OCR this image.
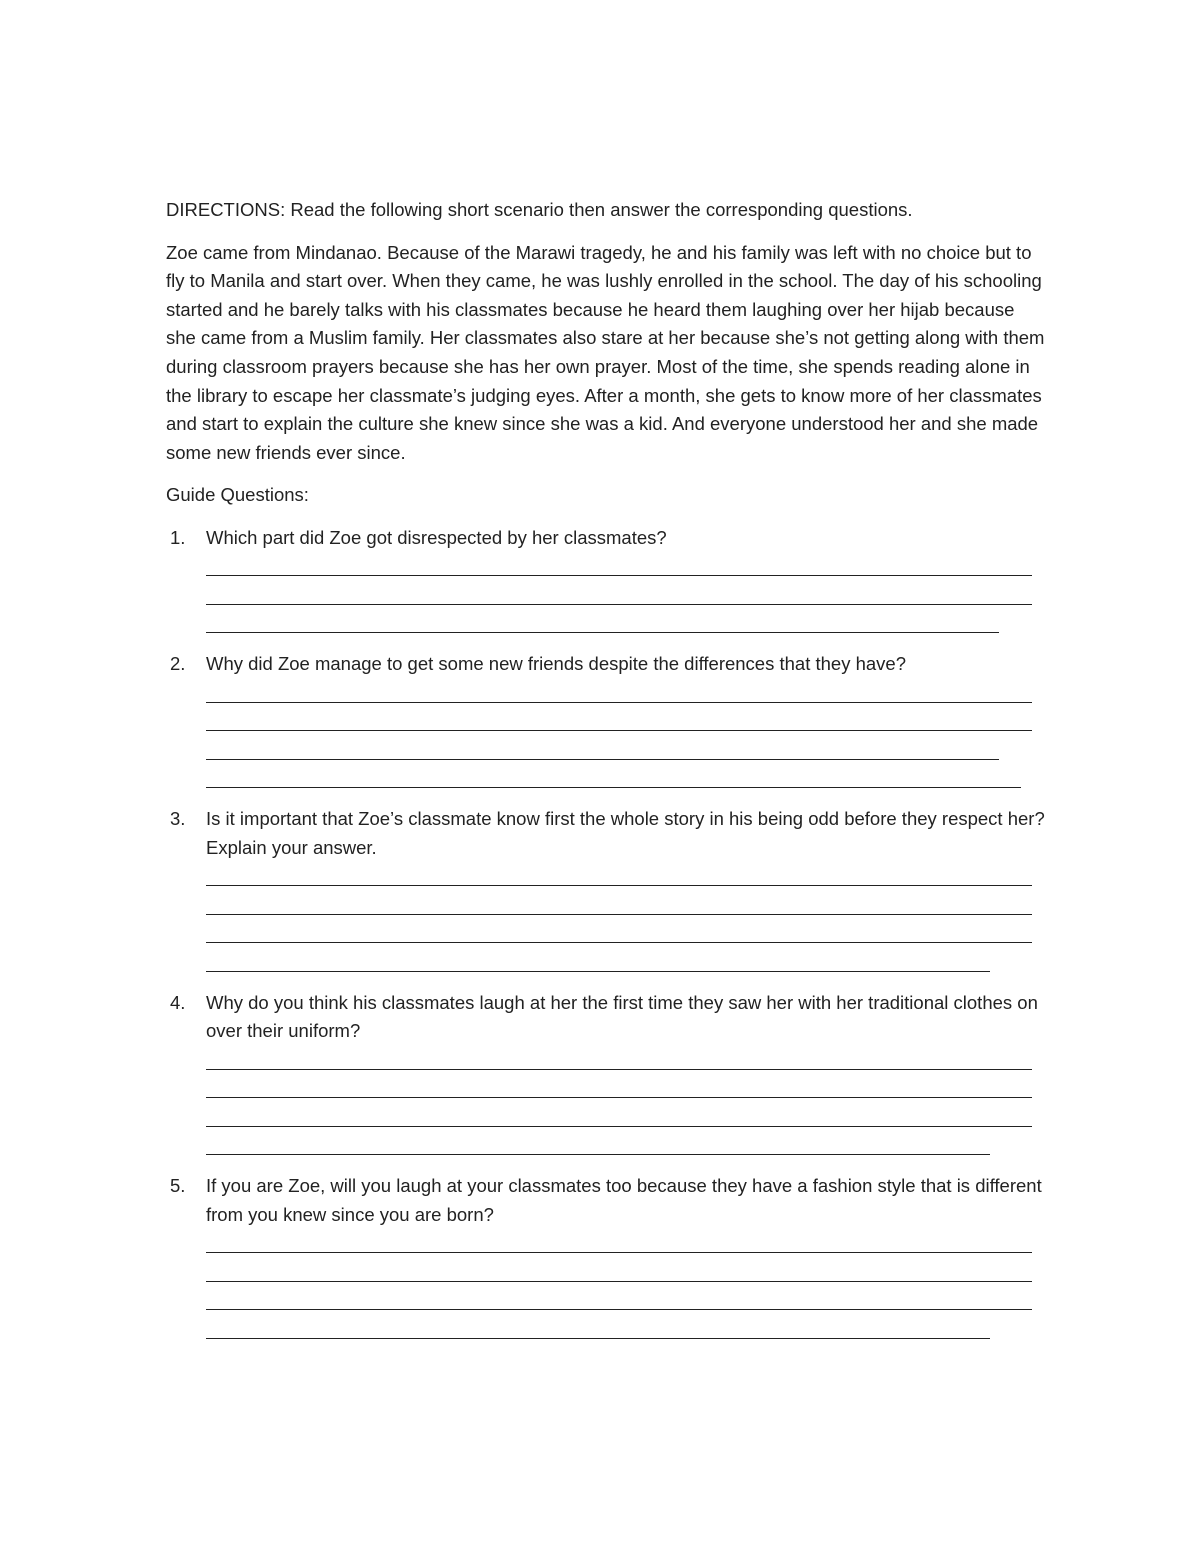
DIRECTIONS: Read the following short scenario then answer the corresponding questions.

Zoe came from Mindanao. Because of the Marawi tragedy, he and his family was left with no choice but to fly to Manila and start over. When they came, he was lushly enrolled in the school. The day of his schooling started and he barely talks with his classmates because he heard them laughing over her hijab because she came from a Muslim family. Her classmates also stare at her because she’s not getting along with them during classroom prayers because she has her own prayer. Most of the time, she spends reading alone in the library to escape her classmate’s judging eyes. After a month, she gets to know more of her classmates and start to explain the culture she knew since she was a kid. And everyone understood her and she made some new friends ever since.

Guide Questions:

1. Which part did Zoe got disrespected by her classmates?
2. Why did Zoe manage to get some new friends despite the differences that they have?
3. Is it important that Zoe’s classmate know first the whole story in his being odd before they respect her? Explain your answer.
4. Why do you think his classmates laugh at her the first time they saw her with her traditional clothes on over their uniform?
5. If you are Zoe, will you laugh at your classmates too because they have a fashion style that is different from you knew since you are born?
